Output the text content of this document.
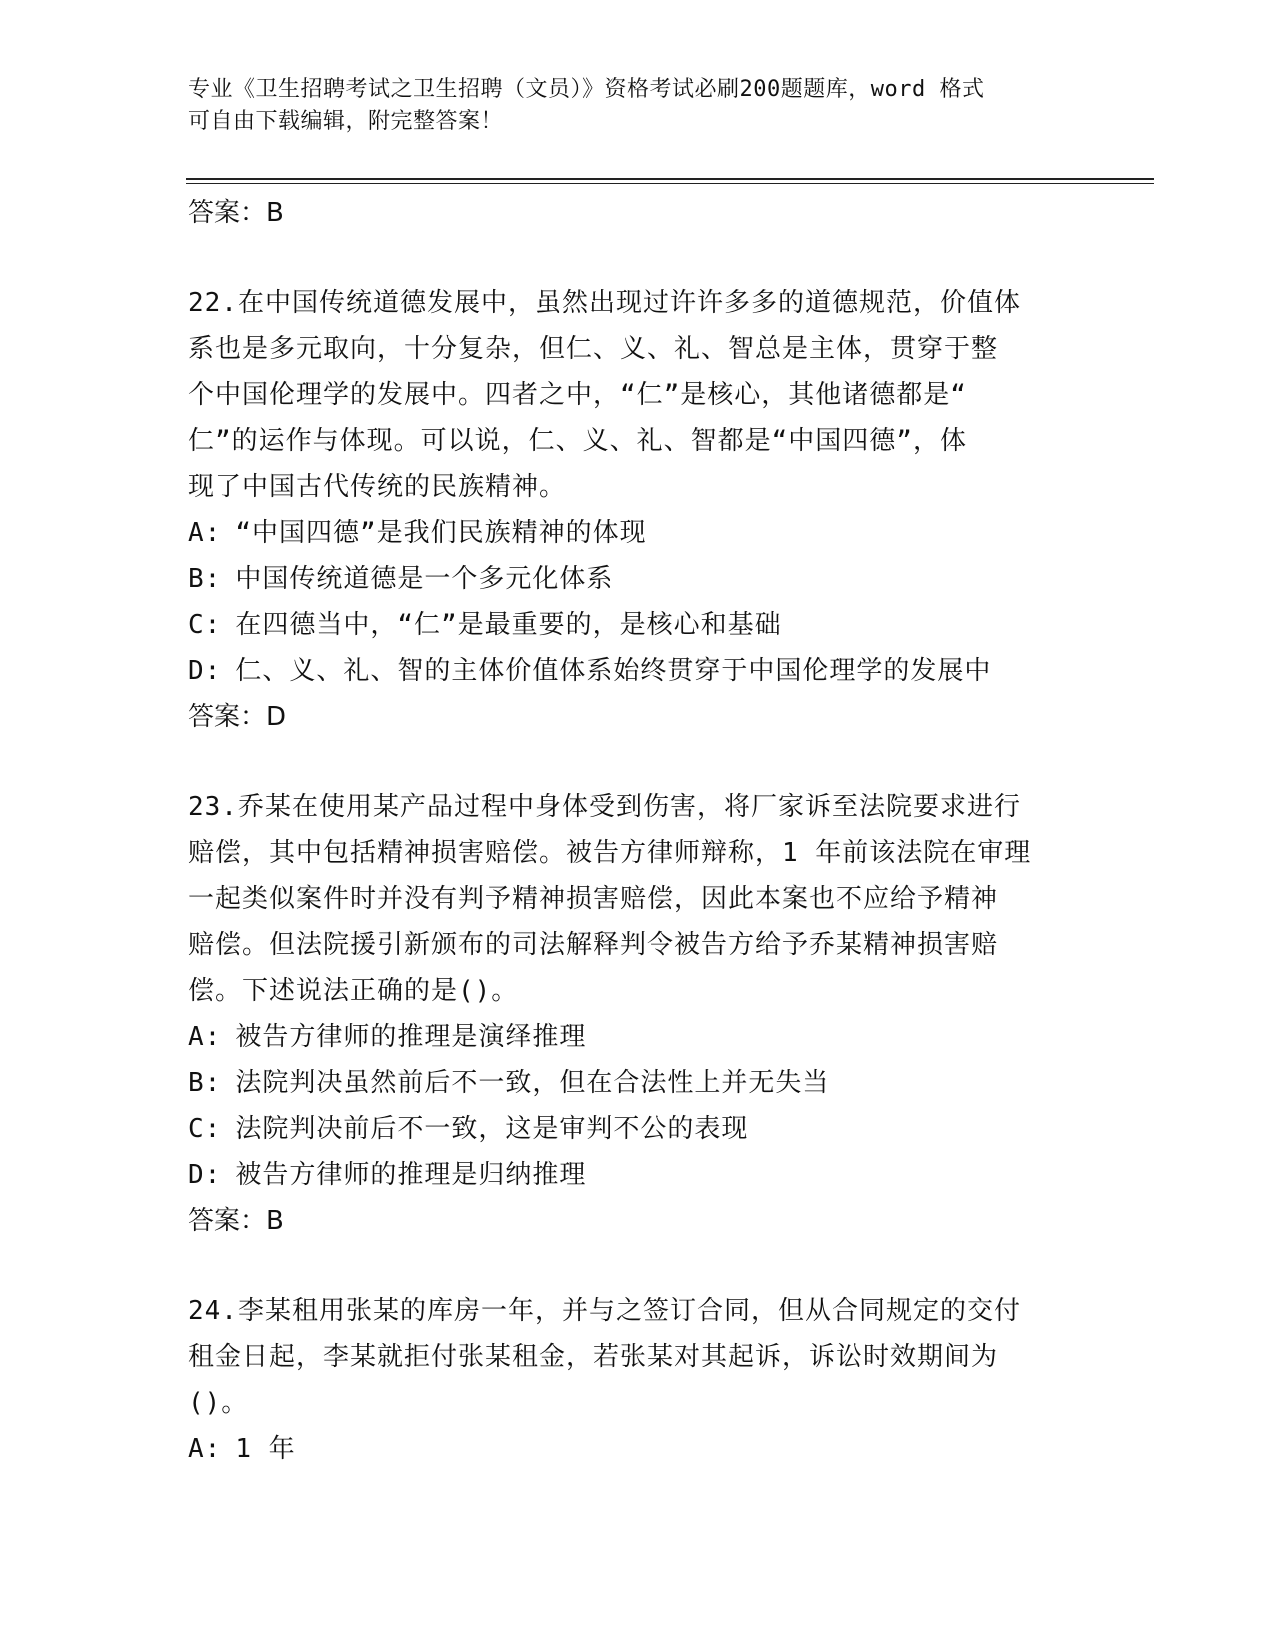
专业《卫生招聘考试之卫生招聘（文员）》资格考试必刷200题题库，word 格式
可自由下载编辑，附完整答案！
答案：B
22.在中国传统道德发展中，虽然出现过许许多多的道德规范，价值体
系也是多元取向，十分复杂，但仁、义、礼、智总是主体，贯穿于整
个中国伦理学的发展中。四者之中，“仁”是核心，其他诸德都是“
仁”的运作与体现。可以说，仁、义、礼、智都是“中国四德”，体
现了中国古代传统的民族精神。
A: “中国四德”是我们民族精神的体现
B: 中国传统道德是一个多元化体系
C: 在四德当中，“仁”是最重要的，是核心和基础
D: 仁、义、礼、智的主体价值体系始终贯穿于中国伦理学的发展中
答案：D
23.乔某在使用某产品过程中身体受到伤害，将厂家诉至法院要求进行
赔偿，其中包括精神损害赔偿。被告方律师辩称，1 年前该法院在审理
一起类似案件时并没有判予精神损害赔偿，因此本案也不应给予精神
赔偿。但法院援引新颁布的司法解释判令被告方给予乔某精神损害赔
偿。下述说法正确的是()。
A: 被告方律师的推理是演绎推理
B: 法院判决虽然前后不一致，但在合法性上并无失当
C: 法院判决前后不一致，这是审判不公的表现
D: 被告方律师的推理是归纳推理
答案：B
24.李某租用张某的库房一年，并与之签订合同，但从合同规定的交付
租金日起，李某就拒付张某租金，若张某对其起诉，诉讼时效期间为
()。
A: 1 年
